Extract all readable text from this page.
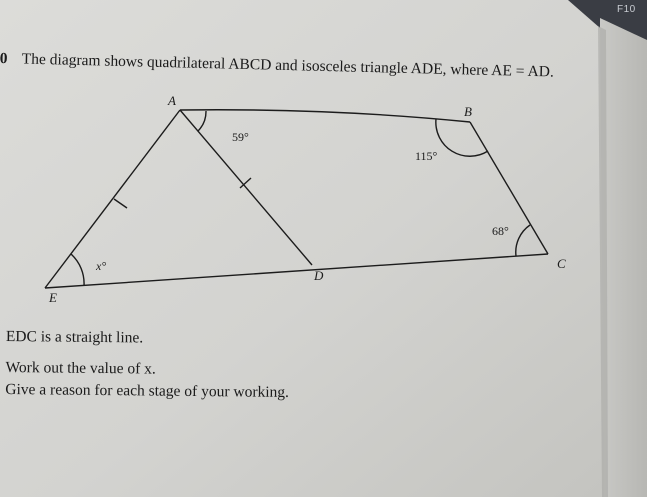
A
B
C
D
E
59°
115°
68°
x°
F10
0 The diagram shows quadrilateral ABCD and isosceles triangle ADE, where AE = AD.

EDC is a straight line.

Work out the value of x.

Give a reason for each stage of your working.
